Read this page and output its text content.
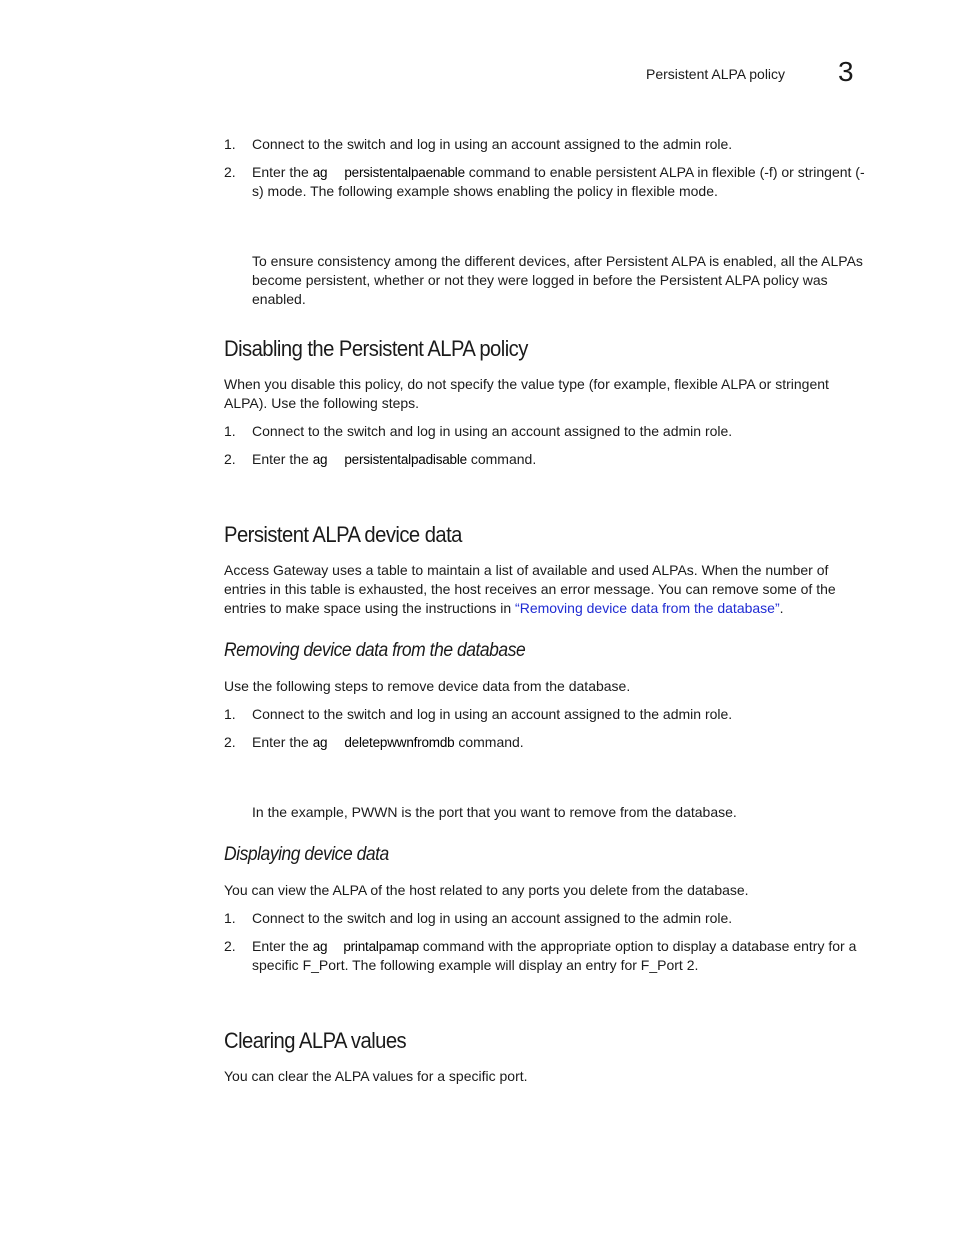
Persistent ALPA policy 3
1. Connect to the switch and log in using an account assigned to the admin role.
2. Enter the ag persistentalpaenable command to enable persistent ALPA in flexible (-f) or stringent (-s) mode. The following example shows enabling the policy in flexible mode.
To ensure consistency among the different devices, after Persistent ALPA is enabled, all the ALPAs become persistent, whether or not they were logged in before the Persistent ALPA policy was enabled.
Disabling the Persistent ALPA policy
When you disable this policy, do not specify the value type (for example, flexible ALPA or stringent ALPA). Use the following steps.
1. Connect to the switch and log in using an account assigned to the admin role.
2. Enter the ag persistentalpadisable command.
Persistent ALPA device data
Access Gateway uses a table to maintain a list of available and used ALPAs. When the number of entries in this table is exhausted, the host receives an error message. You can remove some of the entries to make space using the instructions in “Removing device data from the database”.
Removing device data from the database
Use the following steps to remove device data from the database.
1. Connect to the switch and log in using an account assigned to the admin role.
2. Enter the ag deletepwwnfromdb command.
In the example, PWWN is the port that you want to remove from the database.
Displaying device data
You can view the ALPA of the host related to any ports you delete from the database.
1. Connect to the switch and log in using an account assigned to the admin role.
2. Enter the ag printalpamap command with the appropriate option to display a database entry for a specific F_Port. The following example will display an entry for F_Port 2.
Clearing ALPA values
You can clear the ALPA values for a specific port.
